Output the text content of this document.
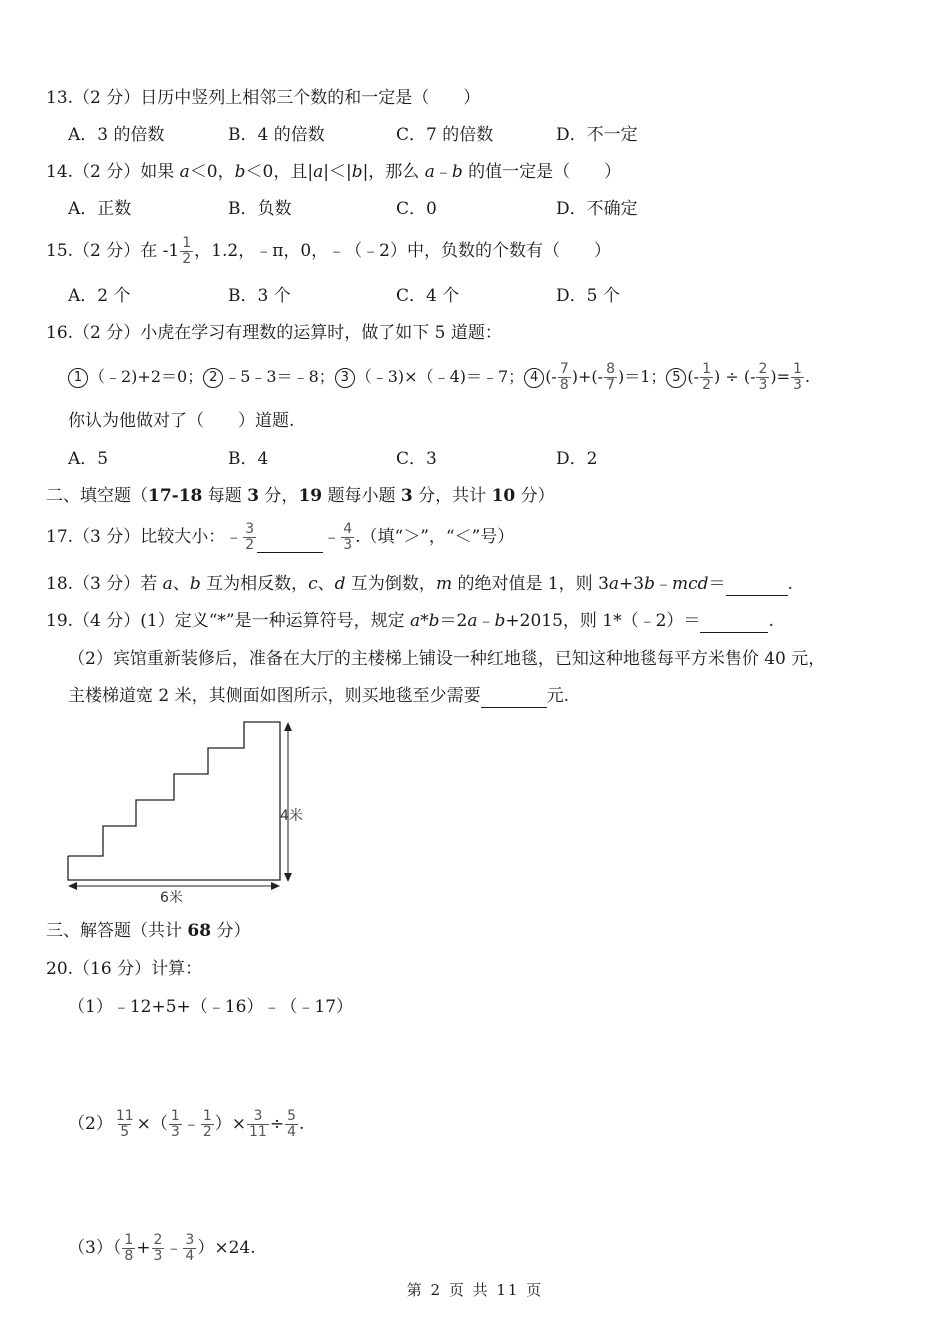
13.（2 分）日历中竖列上相邻三个数的和一定是（　　）
A．3 的倍数	B．4 的倍数	C．7 的倍数	D．不一定
14.（2 分）如果 a＜0，b＜0，且|a|＜|b|，那么 a﹣b 的值一定是（　　）
A．正数	B．负数	C．0	D．不确定
15.（2 分）在 $-1 \frac{1}{2}$ ，1.2，﹣π，0，﹣（﹣2）中，负数的个数有（　　）
A．2 个	B．3 个	C．4 个	D．5 个
16.（2 分）小虎在学习有理数的运算时，做了如下 5 道题：
1 （﹣2)+2＝0； 2 ﹣5﹣3＝﹣8； 3 （﹣3)×（﹣4)＝﹣7； 4 (- $\frac{7}{8}$ )+(- $\frac{8}{7} )=1$； 5 (- $\frac{1}{2}$ ) ÷ (- $\frac{2}{3}$ )= $\frac{1}{3}$ .
你认为他做对了（　　）道题.
A．5	B．4	C．3	D．2
二、填空题（17-18 每题 3 分，19 题每小题 3 分，共计 10 分）
17.（3 分）比较大小：﹣ $\frac{3}{2}$	﹣ $\frac{4}{3}$ .（填“＞”，“＜”号）
18.（3 分）若 a、b 互为相反数，c、d 互为倒数，m 的绝对值是 1，则 3a+3b﹣mcd＝	.
19.（4 分）(1）定义“*”是一种运算符号，规定 a*b＝2a﹣b+2015，则 1*（﹣2）＝	.
（2）宾馆重新装修后，准备在大厅的主楼梯上铺设一种红地毯，已知这种地毯每平方米售价 40 元，
主楼梯道宽 2 米，其侧面如图所示，则买地毯至少需要	元.
4米
6米
三、解答题（共计 68 分）
20.（16 分）计算：
（1）﹣12+5+（﹣16）﹣（﹣17）
$(2) \frac{11}{5}$ ×（ $\frac{1}{3}$ ﹣ $\frac{1}{2}$ ）× $\frac{3}{11} \div \frac{5}{4}$ .
$(3)( \frac{1}{8} + \frac{2}{3}$ ﹣ $\frac{3}{4} )\times 24$.
第 2 页 共 11 页
